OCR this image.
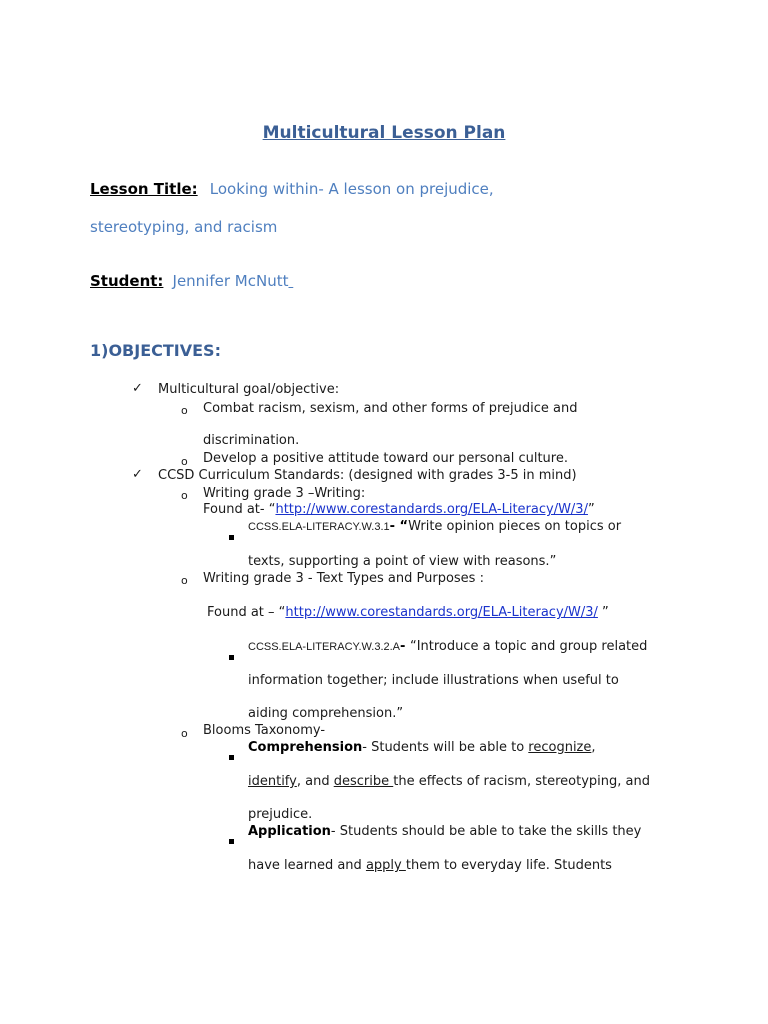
Multicultural Lesson Plan
Lesson Title: Looking within- A lesson on prejudice,
stereotyping, and racism
Student: Jennifer McNutt
1)OBJECTIVES:
✓ Multicultural goal/objective:
o Combat racism, sexism, and other forms of prejudice and
discrimination.
o Develop a positive attitude toward our personal culture.
✓ CCSD Curriculum Standards: (designed with grades 3-5 in mind)
o Writing grade 3 –Writing:
Found at- “http://www.corestandards.org/ELA-Literacy/W/3/”
CCSS.ELA-LITERACY.W.3.1- “Write opinion pieces on topics or
texts, supporting a point of view with reasons.”
o Writing grade 3 - Text Types and Purposes :
Found at – “http://www.corestandards.org/ELA-Literacy/W/3/ ”
CCSS.ELA-LITERACY.W.3.2.A- “Introduce a topic and group related
information together; include illustrations when useful to
aiding comprehension.”
o Blooms Taxonomy-
Comprehension- Students will be able to recognize,
identify, and describe the effects of racism, stereotyping, and
prejudice.
Application- Students should be able to take the skills they
have learned and apply them to everyday life. Students
